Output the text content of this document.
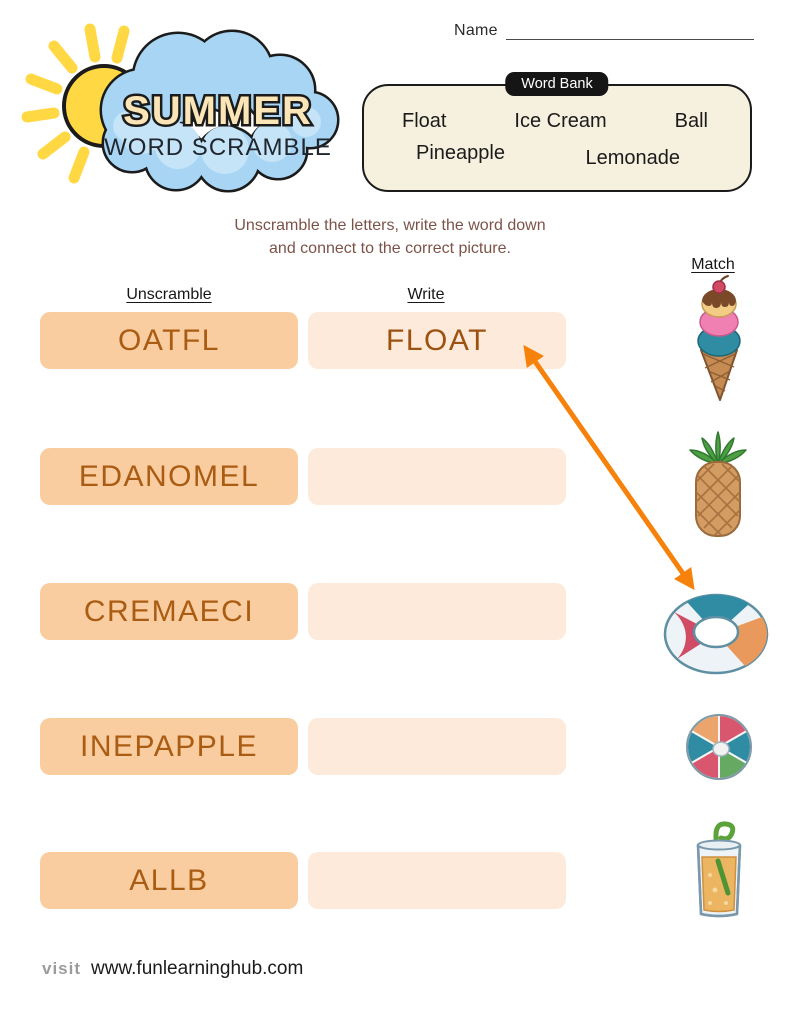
SUMMER
WORD SCRAMBLE
Name
Word Bank
Float	Ice Cream	Ball
Pineapple	Lemonade
Unscramble the letters, write the word down
and connect to the correct picture.
Unscramble	Write
Match
OATFL	FLOAT
EDANOMEL
CREMAECI
INEPAPPLE
ALLB
visit www.funlearninghub.com
